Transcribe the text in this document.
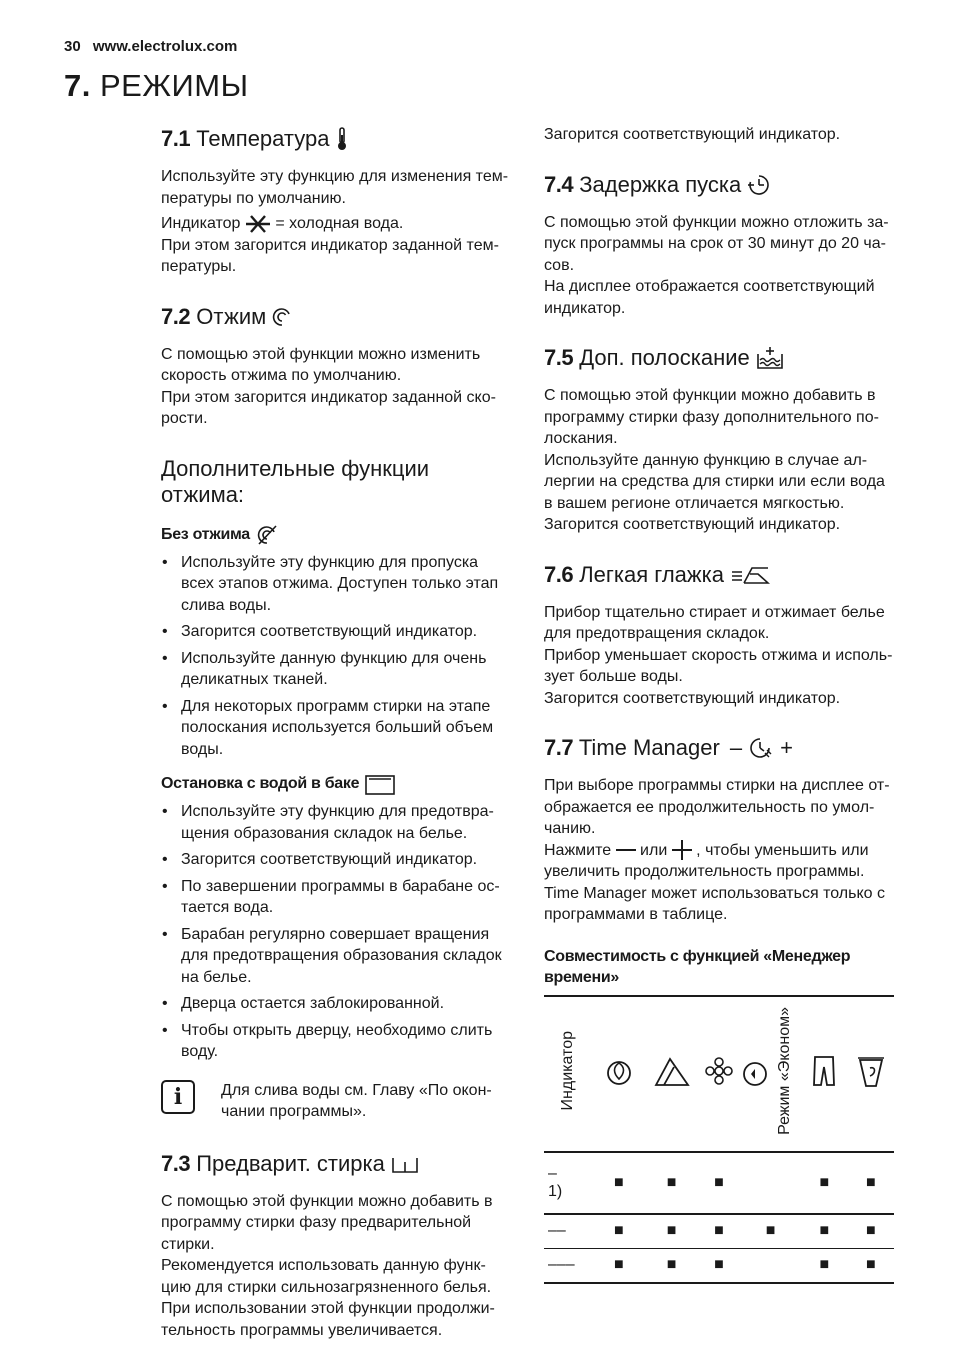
30 www.electrolux.com
7. РЕЖИМЫ
7.1 Температура

Используйте эту функцию для изменения тем-пературы по умолчанию.

Индикатор = холодная вода.

При этом загорится индикатор заданной тем-пературы.

7.2 Отжим

С помощью этой функции можно изменить скорость отжима по умолчанию.

При этом загорится индикатор заданной ско-рости.

Дополнительные функции отжима:
Без отжима
• Используйте эту функцию для пропуска всех этапов отжима. Доступен только этап слива воды.
• Загорится соответствующий индикатор.
• Используйте данную функцию для очень деликатных тканей.
• Для некоторых программ стирки на этапе полоскания используется больший объем воды.
Остановка с водой в баке
• Используйте эту функцию для предотвра-щения образования складок на белье.
• Загорится соответствующий индикатор.
• По завершении программы в барабане ос-тается вода.
• Барабан регулярно совершает вращения для предотвращения образования складок на белье.
• Дверца остается заблокированной.
• Чтобы открыть дверцу, необходимо слить воду.
i	Для слива воды см. Главу «По окон-чании программы».

7.3 Предварит. стирка

С помощью этой функции можно добавить в программу стирки фазу предварительной стирки.

Рекомендуется использовать данную функ-цию для стирки сильнозагрязненного белья. При использовании этой функции продолжи-тельность программы увеличивается.

Загорится соответствующий индикатор.

7.4 Задержка пуска

С помощью этой функции можно отложить за-пуск программы на срок от 30 минут до 20 ча-сов.

На дисплее отображается соответствующий индикатор.

7.5 Доп. полоскание

С помощью этой функции можно добавить в программу стирки фазу дополнительного по-лоскания.

Используйте данную функцию в случае ал-лергии на средства для стирки или если вода в вашем регионе отличается мягкостью.

Загорится соответствующий индикатор.

7.6 Легкая глажка

Прибор тщательно стирает и отжимает белье для предотвращения складок.

Прибор уменьшает скорость отжима и исполь-зует больше воды.

Загорится соответствующий индикатор.

7.7 Time Manager – +

При выборе программы стирки на дисплее от-ображается ее продолжительность по умол-чанию.

Нажмите или , чтобы уменьшить или увеличить продолжительность программы.

Time Manager может использоваться только с программами в таблице.

Совместимость с функцией «Менеджер времени»
Индикатор					Режим «Эконом»		

–
1)	■	■	■			■	■
––	■	■	■	■		■	■
–––	■	■	■			■	■
